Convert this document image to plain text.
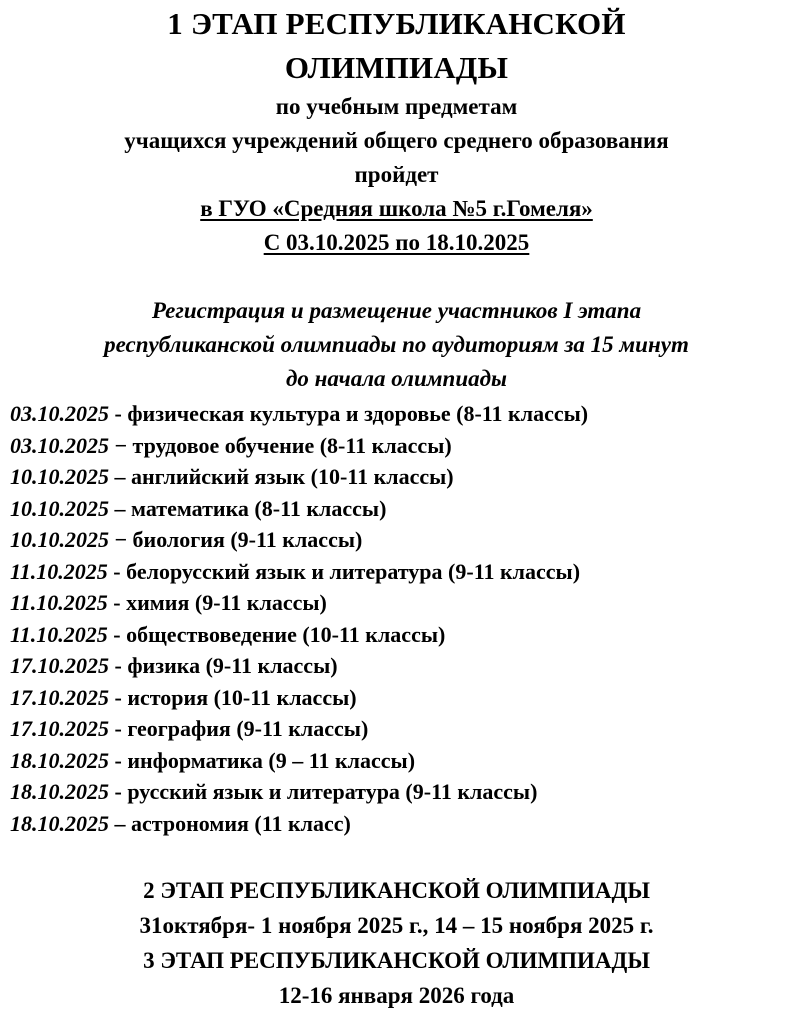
1 ЭТАП РЕСПУБЛИКАНСКОЙ
ОЛИМПИАДЫ
по учебным предметам
учащихся учреждений общего среднего образования
пройдет
в ГУО «Средняя школа №5 г.Гомеля»
С 03.10.2025 по 18.10.2025
Регистрация и размещение участников I этапа
республиканской олимпиады по аудиториям за 15 минут
до начала олимпиады
03.10.2025 - физическая культура и здоровье (8-11 классы)
03.10.2025 − трудовое обучение (8-11 классы)
10.10.2025 – английский язык (10-11 классы)
10.10.2025 – математика (8-11 классы)
10.10.2025 − биология (9-11 классы)
11.10.2025 - белорусский язык и литература (9-11 классы)
11.10.2025 - химия (9-11 классы)
11.10.2025 - обществоведение (10-11 классы)
17.10.2025 - физика (9-11 классы)
17.10.2025 - история (10-11 классы)
17.10.2025 - география (9-11 классы)
18.10.2025 - информатика (9 – 11 классы)
18.10.2025 - русский язык и литература (9-11 классы)
18.10.2025 – астрономия (11 класс)
2 ЭТАП РЕСПУБЛИКАНСКОЙ ОЛИМПИАДЫ
31октября- 1 ноября 2025 г., 14 – 15 ноября 2025 г.
3 ЭТАП РЕСПУБЛИКАНСКОЙ ОЛИМПИАДЫ
12-16 января 2026 года
